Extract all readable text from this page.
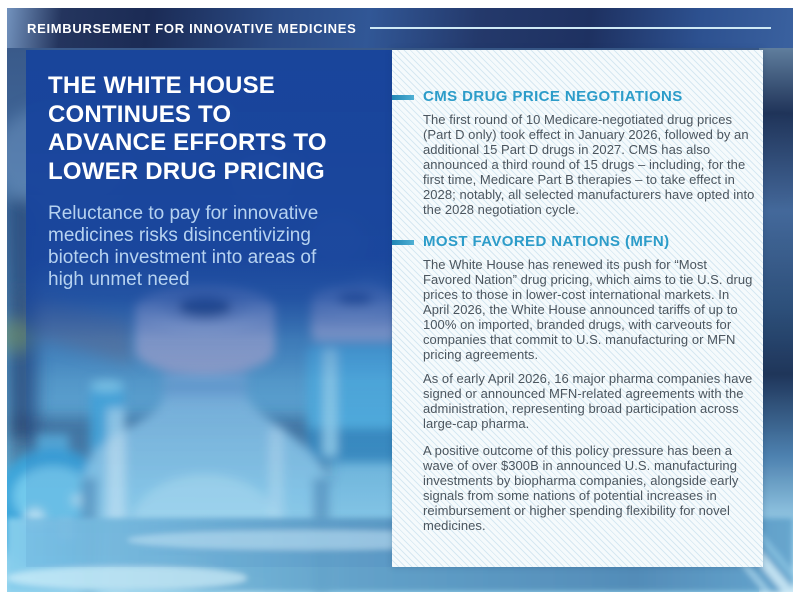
REIMBURSEMENT FOR INNOVATIVE MEDICINES
THE WHITE HOUSE
CONTINUES TO
ADVANCE EFFORTS TO
LOWER DRUG PRICING
Reluctance to pay for innovative
medicines risks disincentivizing
biotech investment into areas of
high unmet need
CMS DRUG PRICE NEGOTIATIONS

The first round of 10 Medicare-negotiated drug prices (Part D only) took effect in January 2026, followed by an additional 15 Part D drugs in 2027. CMS has also announced a third round of 15 drugs – including, for the first time, Medicare Part B therapies – to take effect in 2028; notably, all selected manufacturers have opted into the 2028 negotiation cycle.

MOST FAVORED NATIONS (MFN)

The White House has renewed its push for “Most Favored Nation” drug pricing, which aims to tie U.S. drug prices to those in lower-cost international markets. In April 2026, the White House announced tariffs of up to 100% on imported, branded drugs, with carveouts for companies that commit to U.S. manufacturing or MFN pricing agreements.

As of early April 2026, 16 major pharma companies have signed or announced MFN-related agreements with the administration, representing broad participation across large-cap pharma.

A positive outcome of this policy pressure has been a wave of over $300B in announced U.S. manufacturing investments by biopharma companies, alongside early signals from some nations of potential increases in reimbursement or higher spending flexibility for novel medicines.
